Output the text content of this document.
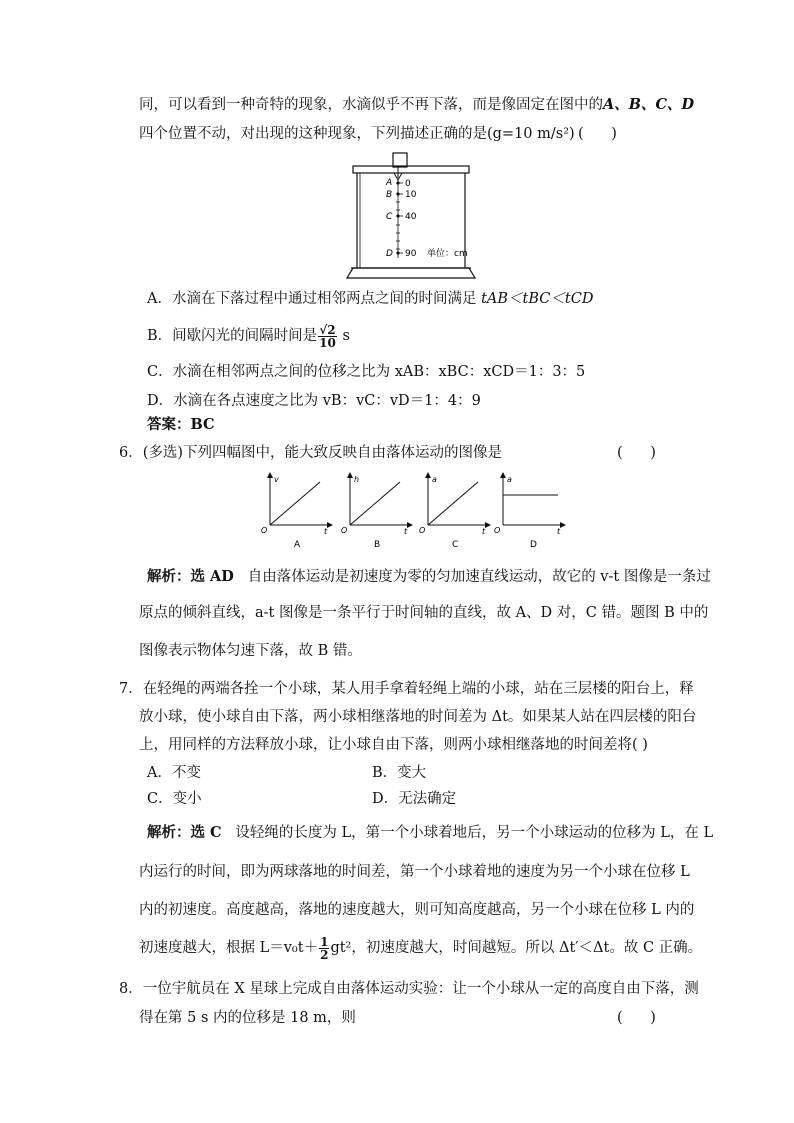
同，可以看到一种奇特的现象，水滴似乎不再下落，而是像固定在图中的A、B、C、D
四个位置不动，对出现的这种现象，下列描述正确的是(g=10 m/s²) (      )
A
B
C
D
0
10
40
90 单位：cm
A．水滴在下落过程中通过相邻两点之间的时间满足 tAB＜tBC＜tCD
B．间歇闪光的间隔时间是 $\frac{√2}{10}$ s
C．水滴在相邻两点之间的位移之比为 xAB：xBC：xCD＝1：3：5
D．水滴在各点速度之比为 vB：vC：vD＝1：4：9
答案：BC
6．(多选)下列四幅图中，能大致反映自由落体运动的图像是	(      )
v
O	t
A
h
O	t
B
a
O	t
C
a
O	t
D
解析：选 AD 自由落体运动是初速度为零的匀加速直线运动，故它的 v-t 图像是一条过
原点的倾斜直线，a-t 图像是一条平行于时间轴的直线，故 A、D 对，C 错。题图 B 中的
图像表示物体匀速下落，故 B 错。
7．在轻绳的两端各拴一个小球，某人用手拿着轻绳上端的小球，站在三层楼的阳台上，释
放小球，使小球自由下落，两小球相继落地的时间差为 Δt。如果某人站在四层楼的阳台
上，用同样的方法释放小球，让小球自由下落，则两小球相继落地的时间差将( )
A．不变	B．变大
C．变小	D．无法确定
解析：选 C 设轻绳的长度为 L，第一个小球着地后，另一个小球运动的位移为 L，在 L
内运行的时间，即为两球落地的时间差，第一个小球着地的速度为另一个小球在位移 L
内的初速度。高度越高，落地的速度越大，则可知高度越高，另一个小球在位移 L 内的
初速度越大，根据 $L=v_0t+ \frac{1}{2} gt^2$，初速度越大，时间越短。所以 Δt′＜Δt。故 C 正确。
8．一位宇航员在 X 星球上完成自由落体运动实验：让一个小球从一定的高度自由下落，测
得在第 5 s 内的位移是 18 m，则	(      )
